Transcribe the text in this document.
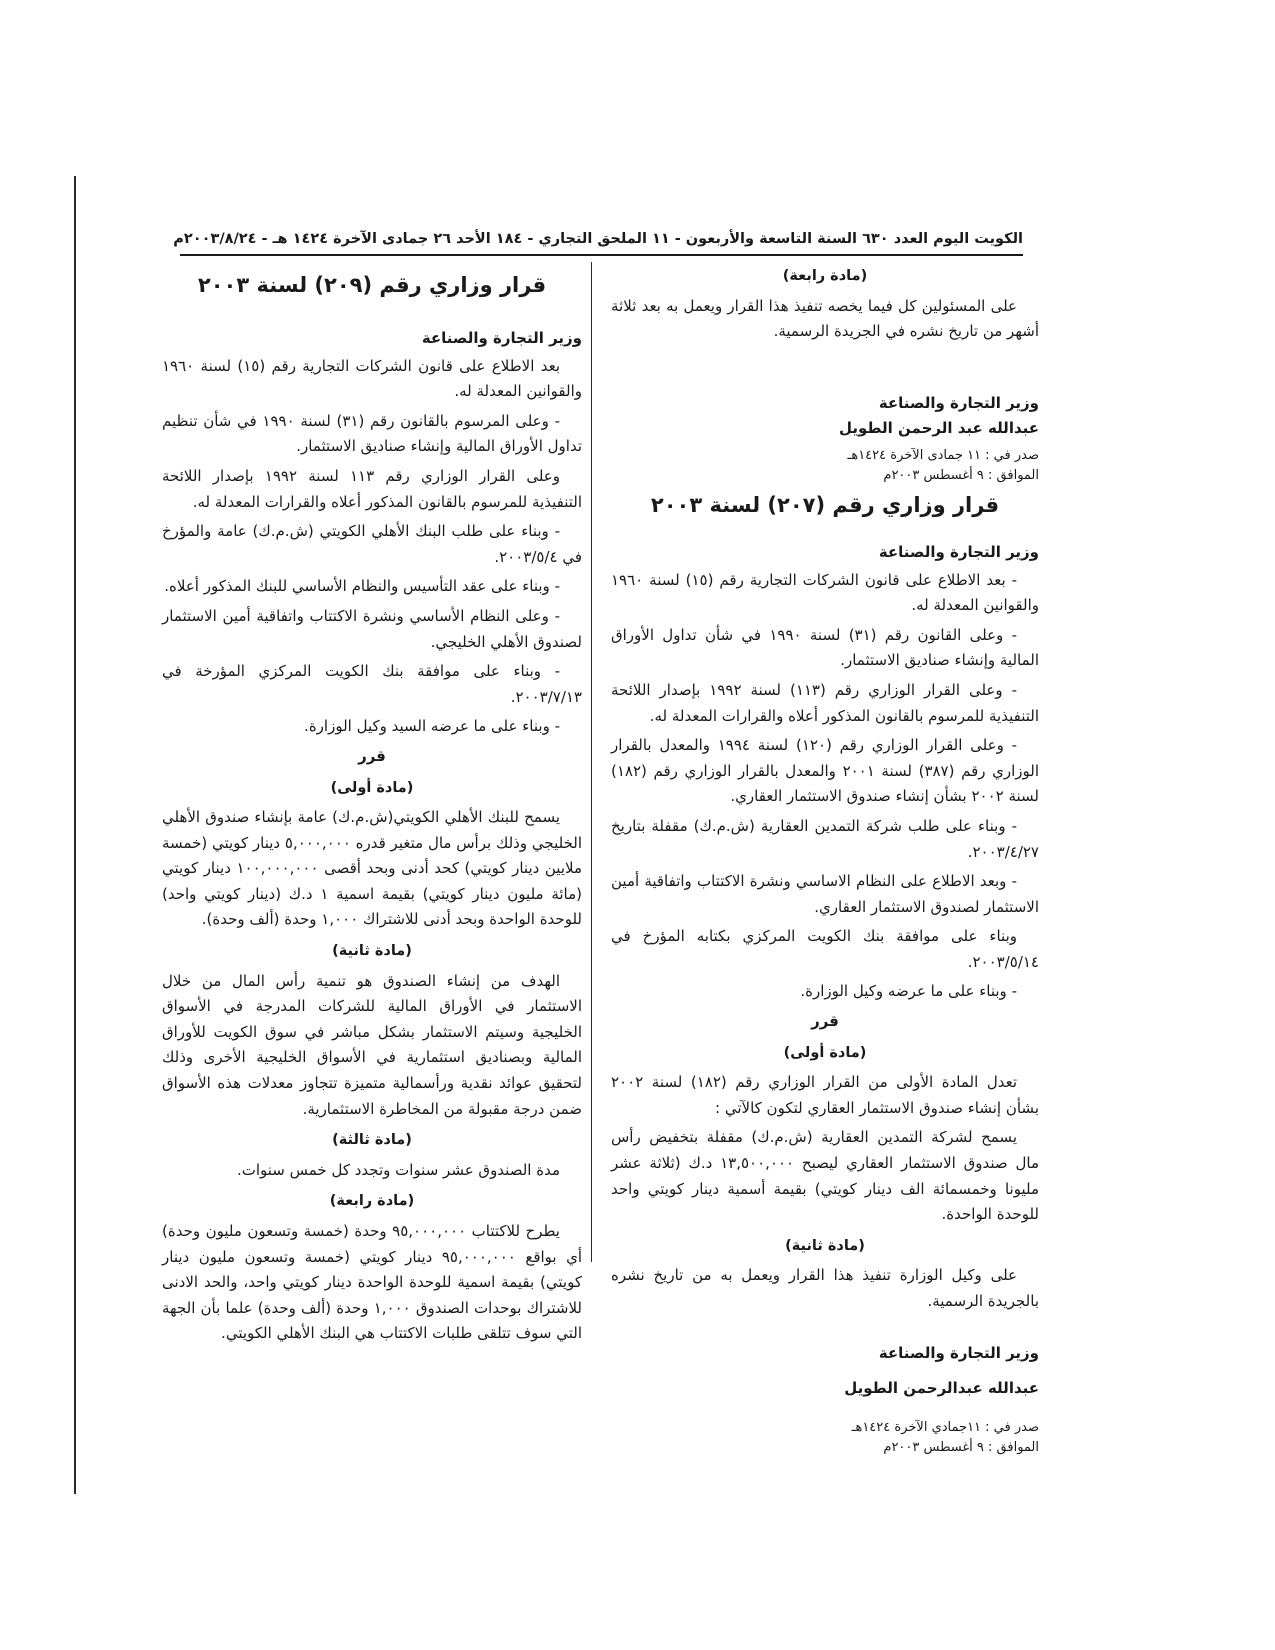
الكويت اليوم العدد ٦٣٠ السنة التاسعة والأربعون - ١١ الملحق التجاري - ١٨٤ الأحد ٢٦ جمادى الآخرة ١٤٢٤ هـ - ٢٠٠٣/٨/٢٤م
(مادة رابعة)

على المسئولين كل فيما يخصه تنفيذ هذا القرار ويعمل به بعد ثلاثة أشهر من تاريخ نشره في الجريدة الرسمية.

وزير التجارة والصناعة

عبدالله عبد الرحمن الطويل

صدر في : ١١ جمادى الآخرة ١٤٢٤هـ

الموافق : ٩ أغسطس ٢٠٠٣م

قرار وزاري رقم (٢٠٧) لسنة ٢٠٠٣
وزير التجارة والصناعة

- بعد الاطلاع على قانون الشركات التجارية رقم (١٥) لسنة ١٩٦٠ والقوانين المعدلة له.

- وعلى القانون رقم (٣١) لسنة ١٩٩٠ في شأن تداول الأوراق المالية وإنشاء صناديق الاستثمار.

- وعلى القرار الوزاري رقم (١١٣) لسنة ١٩٩٢ بإصدار اللائحة التنفيذية للمرسوم بالقانون المذكور أعلاه والقرارات المعدلة له.

- وعلى القرار الوزاري رقم (١٢٠) لسنة ١٩٩٤ والمعدل بالقرار الوزاري رقم (٣٨٧) لسنة ٢٠٠١ والمعدل بالقرار الوزاري رقم (١٨٢) لسنة ٢٠٠٢ بشأن إنشاء صندوق الاستثمار العقاري.

- وبناء على طلب شركة التمدين العقارية (ش.م.ك) مقفلة بتاريخ ٢٠٠٣/٤/٢٧.

- وبعد الاطلاع على النظام الاساسي ونشرة الاكتتاب واتفاقية أمين الاستثمار لصندوق الاستثمار العقاري.

وبناء على موافقة بنك الكويت المركزي بكتابه المؤرخ في ٢٠٠٣/٥/١٤.

- وبناء على ما عرضه وكيل الوزارة.

قرر
(مادة أولى)

تعدل المادة الأولى من القرار الوزاري رقم (١٨٢) لسنة ٢٠٠٢ بشأن إنشاء صندوق الاستثمار العقاري لتكون كالآتي :

يسمح لشركة التمدين العقارية (ش.م.ك) مقفلة بتخفيض رأس مال صندوق الاستثمار العقاري ليصبح ١٣,٥٠٠,٠٠٠ د.ك (ثلاثة عشر مليونا وخمسمائة الف دينار كويتي) بقيمة أسمية دينار كويتي واحد للوحدة الواحدة.

(مادة ثانية)

على وكيل الوزارة تنفيذ هذا القرار ويعمل به من تاريخ نشره بالجريدة الرسمية.

وزير التجارة والصناعة

عبدالله عبدالرحمن الطويل

صدر في : ١١جمادي الآخرة ١٤٢٤هـ

الموافق : ٩ أغسطس ٢٠٠٣م

قرار وزاري رقم (٢٠٩) لسنة ٢٠٠٣
وزير التجارة والصناعة

بعد الاطلاع على قانون الشركات التجارية رقم (١٥) لسنة ١٩٦٠ والقوانين المعدلة له.

- وعلى المرسوم بالقانون رقم (٣١) لسنة ١٩٩٠ في شأن تنظيم تداول الأوراق المالية وإنشاء صناديق الاستثمار.

وعلى القرار الوزاري رقم ١١٣ لسنة ١٩٩٢ بإصدار اللائحة التنفيذية للمرسوم بالقانون المذكور أعلاه والقرارات المعدلة له.

- وبناء على طلب البنك الأهلي الكويتي (ش.م.ك) عامة والمؤرخ في ٢٠٠٣/٥/٤.

- وبناء على عقد التأسيس والنظام الأساسي للبنك المذكور أعلاه.

- وعلى النظام الأساسي ونشرة الاكتتاب واتفاقية أمين الاستثمار لصندوق الأهلي الخليجي.

- وبناء على موافقة بنك الكويت المركزي المؤرخة في ٢٠٠٣/٧/١٣.

- وبناء على ما عرضه السيد وكيل الوزارة.

قرر
(مادة أولى)

يسمح للبنك الأهلي الكويتي(ش.م.ك) عامة بإنشاء صندوق الأهلي الخليجي وذلك برأس مال متغير قدره ٥,٠٠٠,٠٠٠ دينار كويتي (خمسة ملايين دينار كويتي) كحد أدنى وبحد أقصى ١٠٠,٠٠٠,٠٠٠ دينار كويتي (مائة مليون دينار كويتي) بقيمة اسمية ١ د.ك (دينار كويتي واحد) للوحدة الواحدة وبحد أدنى للاشتراك ١,٠٠٠ وحدة (ألف وحدة).

(مادة ثانية)

الهدف من إنشاء الصندوق هو تنمية رأس المال من خلال الاستثمار في الأوراق المالية للشركات المدرجة في الأسواق الخليجية وسيتم الاستثمار بشكل مباشر في سوق الكويت للأوراق المالية وبصناديق استثمارية في الأسواق الخليجية الأخرى وذلك لتحقيق عوائد نقدية ورأسمالية متميزة تتجاوز معدلات هذه الأسواق ضمن درجة مقبولة من المخاطرة الاستثمارية.

(مادة ثالثة)

مدة الصندوق عشر سنوات وتجدد كل خمس سنوات.

(مادة رابعة)

يطرح للاكتتاب ٩٥,٠٠٠,٠٠٠ وحدة (خمسة وتسعون مليون وحدة) أي بواقع ٩٥,٠٠٠,٠٠٠ دينار كويتي (خمسة وتسعون مليون دينار كويتي) بقيمة اسمية للوحدة الواحدة دينار كويتي واحد، والحد الادنى للاشتراك بوحدات الصندوق ١,٠٠٠ وحدة (ألف وحدة) علما بأن الجهة التي سوف تتلقى طلبات الاكتتاب هي البنك الأهلي الكويتي.
